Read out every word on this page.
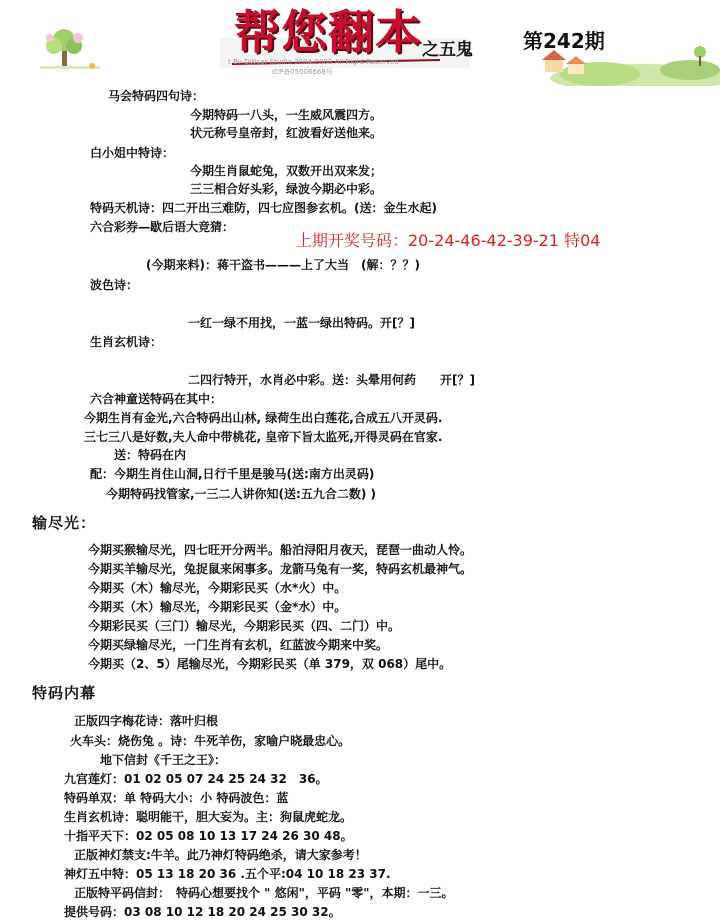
帮您翻本 之五鬼
t By DWcar Studio 2004-2008 All Right Reserved
ICP备05006668号
第242期
上期开奖号码：20-24-46-42-39-21 特04
马会特码四句诗：
今期特码一八头，一生威风震四方。
状元称号皇帝封，红波看好送他来。
白小姐中特诗：
今期生肖鼠蛇兔，双数开出双来发；
三三相合好头彩，绿波今期必中彩。
特码天机诗：四二开出三难防，四七应图参玄机。(送：金生水起)
六合彩券—歇后语大竞猜：
(今期来料)：蒋干盗书———上了大当　(解：？？)
波色诗：
一红一绿不用找，一蓝一绿出特码。开[？]
生肖玄机诗：
二四行特开，水肖必中彩。送：头晕用何药　　开[？]
六合神童送特码在其中：
今期生肖有金光,六合特码出山林, 绿荷生出白莲花,合成五八开灵码.
三七三八是好数,夫人命中带桃花, 皇帝下旨太监死,开得灵码在官家.
送：特码在内
配：今期生肖住山洞,日行千里是骏马(送:南方出灵码)
今期特码找管家,一三二人讲你知(送:五九合二数) )
输尽光：
今期买猴输尽光，四七旺开分两半。船泊浔阳月夜天，琵琶一曲动人怜。
今期买羊输尽光，兔捉鼠来闲事多。龙箭马兔有一奖，特码玄机最神气。
今期买（木）输尽光，今期彩民买（水*火）中。
今期买（木）输尽光，今期彩民买（金*水）中。
今期彩民买（三门）输尽光，今期彩民买（四、二门）中。
今期买绿输尽光，一门生肖有玄机，红蓝波今期来中奖。
今期买（2、5）尾输尽光，今期彩民买（单 379，双 068）尾中。
特码内幕
正版四字梅花诗：落叶归根
火车头：烧伤兔 。诗：牛死羊伤，家喻户晓最忠心。
地下信封《千王之王》：
九宫莲灯：01 02 05 07 24 25 24 32　36。
特码单双：单 特码大小：小 特码波色：蓝
生肖玄机诗：聪明能干，胆大妄为。主：狗鼠虎蛇龙。
十指平天下：02 05 08 10 13 17 24 26 30 48。
正版神灯禁支:牛羊。此乃神灯特码绝杀，请大家参考！
神灯五中特：05 13 18 20 36 .五个平:04 10 18 23 37.
正版特平码信封：　特码心想要找个 " 悠闲"，平码 "零"，本期：一三。
提供号码：03 08 10 12 18 20 24 25 30 32。
